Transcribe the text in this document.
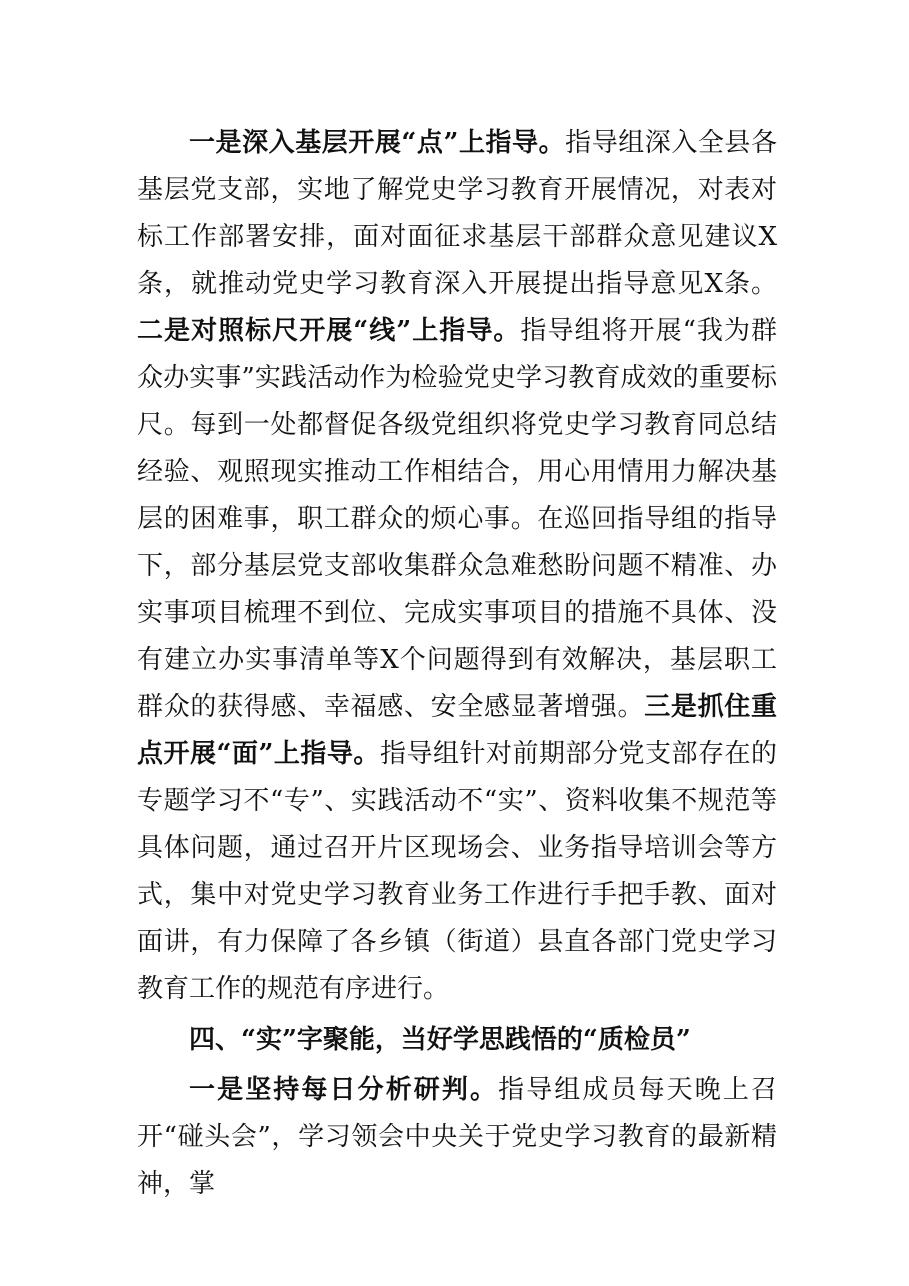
一是深入基层开展“点”上指导。指导组深入全县各基层党支部，实地了解党史学习教育开展情况，对表对标工作部署安排，面对面征求基层干部群众意见建议X条，就推动党史学习教育深入开展提出指导意见X条。二是对照标尺开展“线”上指导。指导组将开展“我为群众办实事”实践活动作为检验党史学习教育成效的重要标尺。每到一处都督促各级党组织将党史学习教育同总结经验、观照现实推动工作相结合，用心用情用力解决基层的困难事，职工群众的烦心事。在巡回指导组的指导下，部分基层党支部收集群众急难愁盼问题不精准、办实事项目梳理不到位、完成实事项目的措施不具体、没有建立办实事清单等X个问题得到有效解决，基层职工群众的获得感、幸福感、安全感显著增强。三是抓住重点开展“面”上指导。指导组针对前期部分党支部存在的专题学习不“专”、实践活动不“实”、资料收集不规范等具体问题，通过召开片区现场会、业务指导培训会等方式，集中对党史学习教育业务工作进行手把手教、面对面讲，有力保障了各乡镇（街道）县直各部门党史学习教育工作的规范有序进行。

四、“实”字聚能，当好学思践悟的“质检员”

一是坚持每日分析研判。指导组成员每天晚上召开“碰头会”，学习领会中央关于党史学习教育的最新精神，掌
